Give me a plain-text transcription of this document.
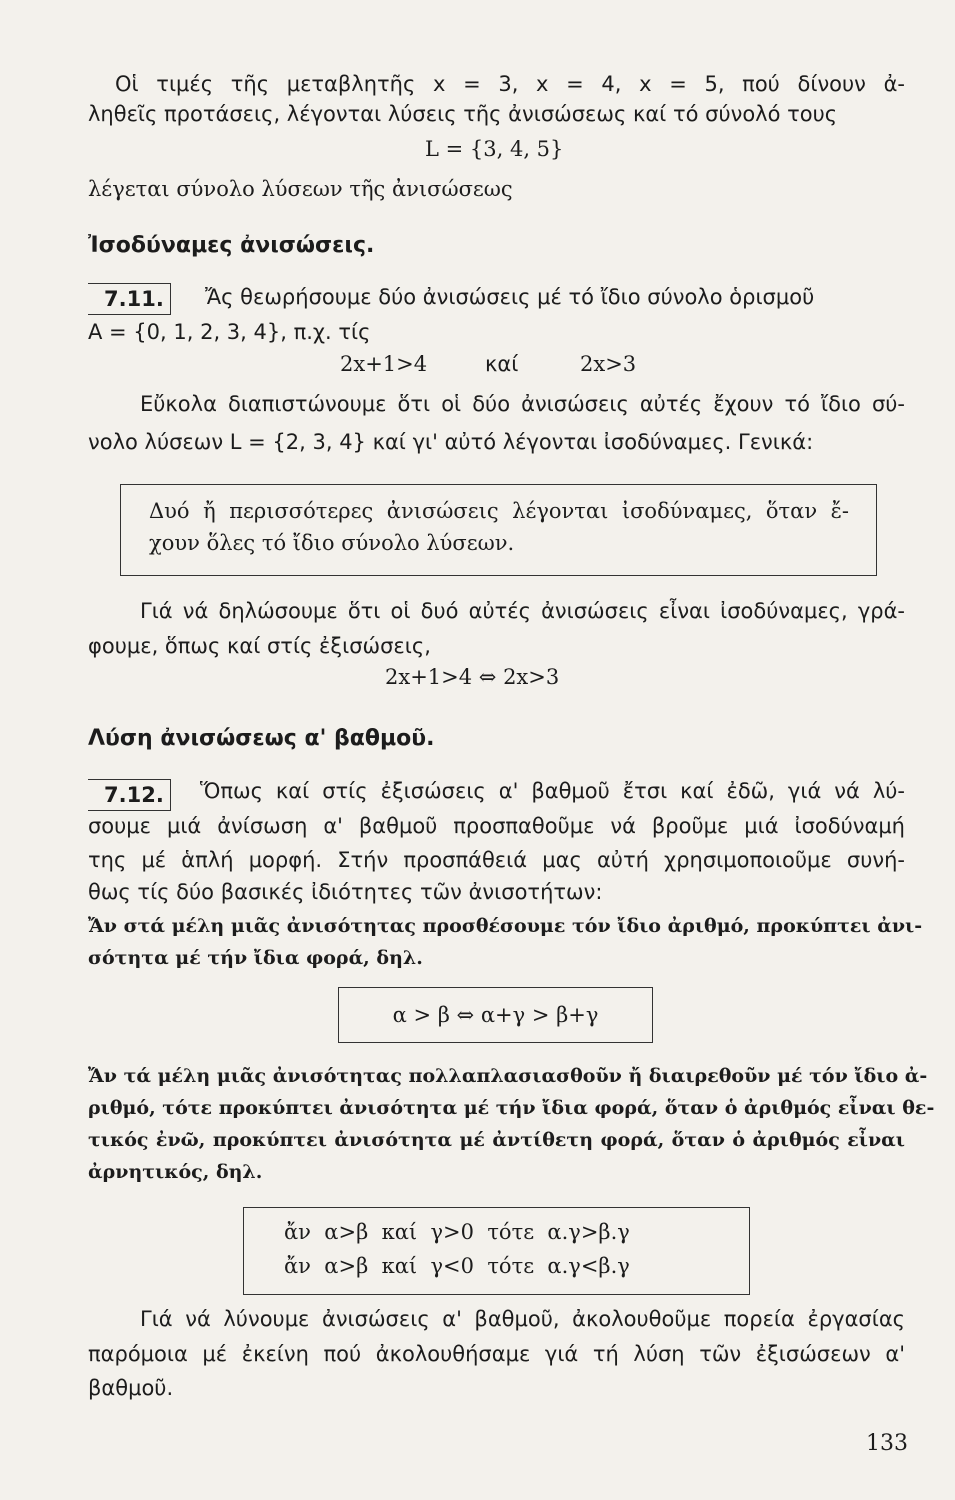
Οἱ τιμές τῆς μεταβλητῆς x = 3, x = 4, x = 5, πού δίνουν ἀ-
ληθεῖς προτάσεις, λέγονται λύσεις τῆς ἀνισώσεως καί τό σύνολό τους
L = {3, 4, 5}
λέγεται σύνολο λύσεων τῆς ἀνισώσεως
Ἰσοδύναμες ἀνισώσεις.
7.11.	Ἄς θεωρήσουμε δύο ἀνισώσεις μέ τό ἴδιο σύνολο ὁρισμοῦ
A = {0, 1, 2, 3, 4}, π.χ. τίς
2x+1>4	καί	2x>3
Εὔκολα διαπιστώνουμε ὅτι οἱ δύο ἀνισώσεις αὐτές ἔχουν τό ἴδιο σύ-
νολο λύσεων L = {2, 3, 4} καί γι' αὐτό λέγονται ἰσοδύναμες. Γενικά:
Δυό ἤ περισσότερες ἀνισώσεις λέγονται ἰσοδύναμες, ὅταν ἔ-
χουν ὅλες τό ἴδιο σύνολο λύσεων.
Γιά νά δηλώσουμε ὅτι οἱ δυό αὐτές ἀνισώσεις εἶναι ἰσοδύναμες, γρά-
φουμε, ὅπως καί στίς ἐξισώσεις,
2x+1>4 ⇔ 2x>3
Λύση ἀνισώσεως α' βαθμοῦ.
7.12.	Ὅπως καί στίς ἐξισώσεις α' βαθμοῦ ἔτσι καί ἐδῶ, γιά νά λύ-
σουμε μιά ἀνίσωση α' βαθμοῦ προσπαθοῦμε νά βροῦμε μιά ἰσοδύναμή
της μέ ἁπλή μορφή. Στήν προσπάθειά μας αὐτή χρησιμοποιοῦμε συνή-
θως τίς δύο βασικές ἰδιότητες τῶν ἀνισοτήτων:
Ἄν στά μέλη μιᾶς ἀνισότητας προσθέσουμε τόν ἴδιο ἀριθμό, προκύπτει ἀνι-
σότητα μέ τήν ἴδια φορά, δηλ.
α > β ⇔ α+γ > β+γ
Ἄν τά μέλη μιᾶς ἀνισότητας πολλαπλασιασθοῦν ἤ διαιρεθοῦν μέ τόν ἴδιο ἀ-
ριθμό, τότε προκύπτει ἀνισότητα μέ τήν ἴδια φορά, ὅταν ὁ ἀριθμός εἶναι θε-
τικός ἐνῶ, προκύπτει ἀνισότητα μέ ἀντίθετη φορά, ὅταν ὁ ἀριθμός εἶναι
ἀρνητικός, δηλ.
ἄν  α>β  καί  γ>0  τότε  α.γ>β.γ
ἄν  α>β  καί  γ<0  τότε  α.γ<β.γ
Γιά νά λύνουμε ἀνισώσεις α' βαθμοῦ, ἀκολουθοῦμε πορεία ἐργασίας
παρόμοια μέ ἐκείνη πού ἀκολουθήσαμε γιά τή λύση τῶν ἐξισώσεων α'
βαθμοῦ.
133
